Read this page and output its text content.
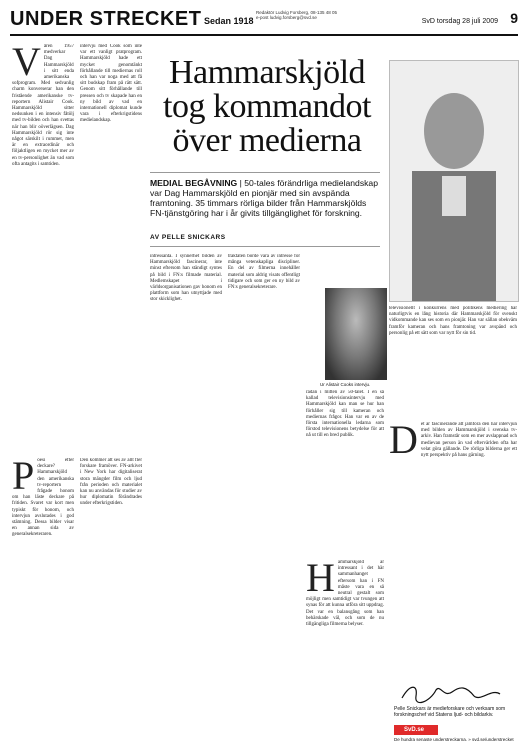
UNDER STRECKET Sedan 1918
Redaktör Ludvig Forsberg, 08-135 48 05
e-post ludvig.forsberg@svd.se
SvD torsdag 28 juli 2009 9
V åren 1957 medverkar Dag Hammarskjöld i sitt enda amerikanska sofprogram. Med sedvanlig charm konverserar han den fristående amerikanske tv-reportern Alistair Cook. Hammarskjöld sitter nedsunken i en intensiv fåtölj med tv-bilden och han svettas när han blir oöverlägsen. Dag Hammarskjöld rör sig inte något särskilt i rummet, men är en extraordinär och följaktligen en mycket mer av en tv-personlighet än vad som ofta antagits i samtiden.
intervju med Cook som inte var ett vanligt pratprogram. Hammarskjöld hade ett mycket genomtänkt förhållande till mediernas roll och han var noga med att få sitt budskap fram på rätt sätt. Genom sitt förhållande till pressen och tv skapade han en ny bild av vad en internationell diplomat kunde vara i efterkrigstidens medielandskap.
Hammarskjöld tog kommandot över medierna
MEDIAL BEGÅVNING | 50-tales förändrliga medielandskap var Dag Hammarskjöld en pionjär med sin avspända framtoning. 35 timmars rörliga bilder från Hammarskjölds FN-tjänstgöring har i år givits tillgänglighet för forskning.
AV PELLE SNICKARS
intressanta. I synnerhet bilden av Hammarskjöld fascinerar, inte minst eftersom han ständigt syntes på bild i FN:s filmade material. Medlemskapet i världsorganisationen gav honom en plattform som han utnyttjade med stor skicklighet.
traktaten borde vara av intresse för många vetenskapliga discipliner. En del av filmerna innehåller material som aldrig visats offentligt tidigare och som ger en ny bild av FN:s generalsekreterare.
Ur Alistair Cooks intervju.
rädan i mitten av 50-talet. I en så kallad televisionsintervju med Hammarskjöld kan man se hur han förhåller sig till kameran och mediernas frågor. Han var en av de första internationella ledarna som förstod televisionens betydelse för att nå ut till en bred publik.
televisionellt i konkurrens med politikens mediering har naturligtvis en lång historia där Hammarskjöld för svenskt vidkommande kan ses som en pionjär. Han var sällan obekväm framför kameran och hans framtoning var avspänd och personlig på ett sätt som var nytt för sin tid.
D et är fascinerande att jämföra den här intervjun med bilden av Hammarskjöld i svenska tv-arkiv. Han framstår som en mer avslappnad och medievan person än vad eftervärlden ofta har velat göra gällande. De rörliga bilderna ger ett nytt perspektiv på hans gärning.
H ammarskjöld är intressant i det här sammanhanget eftersom han i FN måste vara en så neutral gestalt som möjligt men samtidigt var tvungen att synas för att kunna utföra sitt uppdrag. Det var en balansgång som han behärskade väl, och som de nu tillgängliga filmerna belyser.
P oesi efter deckare? Hammarskjöld den amerikanska tv-reportern frågade honom om han läste deckare på fritiden. Svaret var kort men typiskt för honom, och intervjun avslutades i god stämning. Dessa bilder visar en annan sida av generalsekreteraren.
Den kommer att ses av allt fler forskare framöver. FN-arkivet i New York har digitaliserat stora mängder film och ljud från perioden och materialet kan nu användas för studier av hur diplomatin förändrades under efterkrigstiden.
Pelle Snickars är medieforskare och verksam som forskningschef vid Statens ljud- och bildarkiv.
SvD.se
De hundra senaste understreckarna. » svd.se/understrecket
